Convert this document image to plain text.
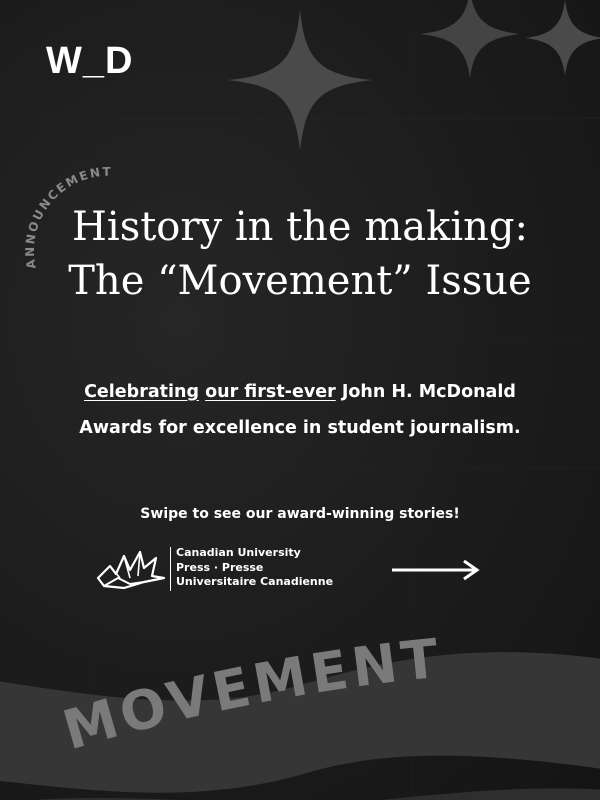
W_D
ANNOUNCEMENT
History in the making:
The “Movement” Issue
Celebrating our first-ever John H. McDonald
Awards for excellence in student journalism.
Swipe to see our award-winning stories!
Canadian University
Press · Presse
Universitaire Canadienne
MOVEMENT
